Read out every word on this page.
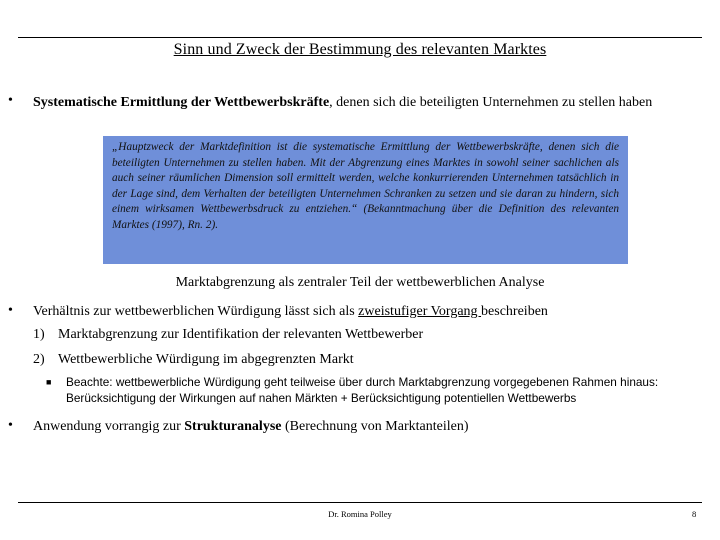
Sinn und Zweck der Bestimmung des relevanten Marktes
• Systematische Ermittlung der Wettbewerbskräfte, denen sich die beteiligten Unternehmen zu stellen haben
„Hauptzweck der Marktdefinition ist die systematische Ermittlung der Wettbewerbskräfte, denen sich die beteiligten Unternehmen zu stellen haben. Mit der Abgrenzung eines Marktes in sowohl seiner sachlichen als auch seiner räumlichen Dimension soll ermittelt werden, welche konkurrierenden Unternehmen tatsächlich in der Lage sind, dem Verhalten der beteiligten Unternehmen Schranken zu setzen und sie daran zu hindern, sich einem wirksamen Wettbewerbsdruck zu entziehen.“ (Bekanntmachung über die Definition des relevanten Marktes (1997), Rn. 2).
Marktabgrenzung als zentraler Teil der wettbewerblichen Analyse
• Verhältnis zur wettbewerblichen Würdigung lässt sich als zweistufiger Vorgang beschreiben
1) Marktabgrenzung zur Identifikation der relevanten Wettbewerber
2) Wettbewerbliche Würdigung im abgegrenzten Markt
■ Beachte: wettbewerbliche Würdigung geht teilweise über durch Marktabgrenzung vorgegebenen Rahmen hinaus: Berücksichtigung der Wirkungen auf nahen Märkten + Berücksichtigung potentiellen Wettbewerbs
• Anwendung vorrangig zur Strukturanalyse (Berechnung von Marktanteilen)
Dr. Romina Polley	8
